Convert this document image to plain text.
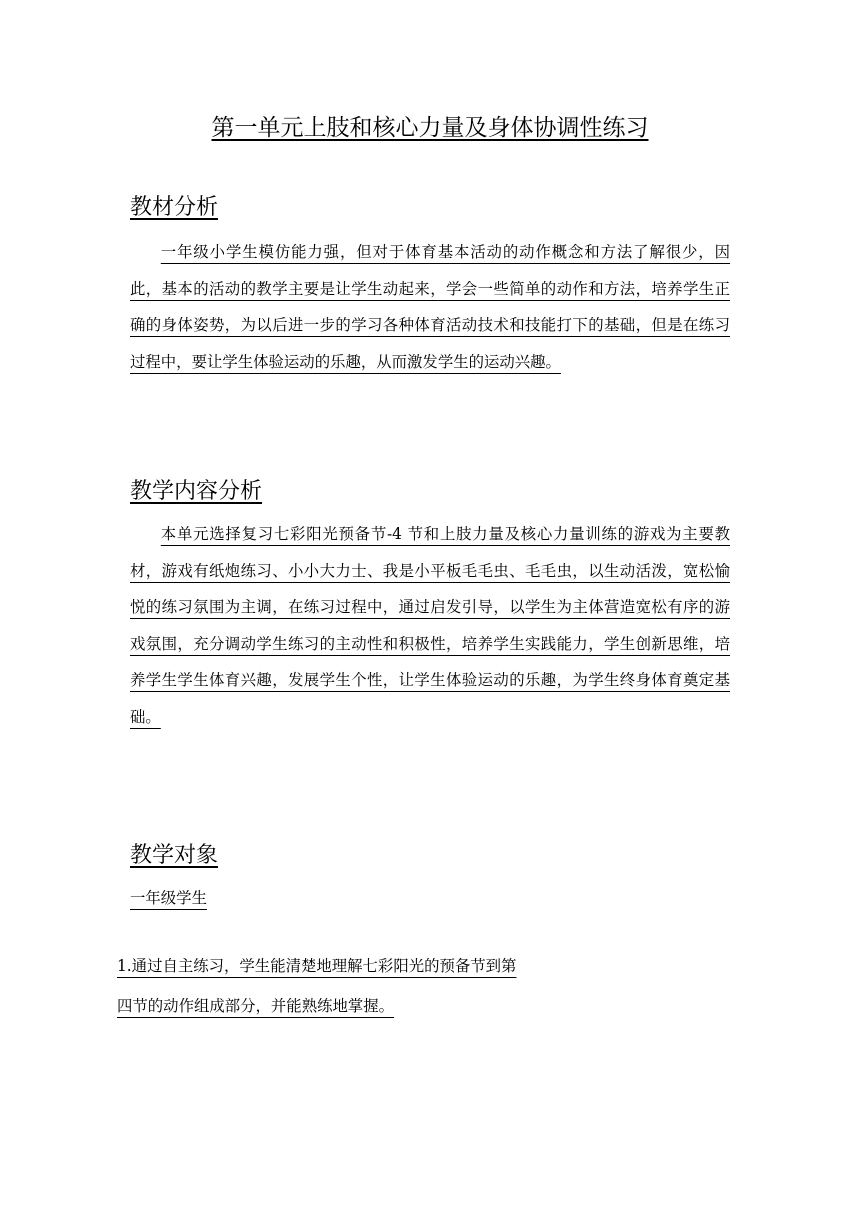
第一单元上肢和核心力量及身体协调性练习
教材分析
一年级小学生模仿能力强，但对于体育基本活动的动作概念和方法了解很少，因此，基本的活动的教学主要是让学生动起来，学会一些简单的动作和方法，培养学生正确的身体姿势，为以后进一步的学习各种体育活动技术和技能打下的基础，但是在练习过程中，要让学生体验运动的乐趣，从而激发学生的运动兴趣。
教学内容分析
本单元选择复习七彩阳光预备节-4 节和上肢力量及核心力量训练的游戏为主要教材，游戏有纸炮练习、小小大力士、我是小平板毛毛虫、毛毛虫，以生动活泼，宽松愉悦的练习氛围为主调，在练习过程中，通过启发引导，以学生为主体营造宽松有序的游戏氛围，充分调动学生练习的主动性和积极性，培养学生实践能力，学生创新思维，培养学生学生体育兴趣，发展学生个性，让学生体验运动的乐趣，为学生终身体育奠定基础。
教学对象
一年级学生
1.通过自主练习，学生能清楚地理解七彩阳光的预备节到第
四节的动作组成部分，并能熟练地掌握。
